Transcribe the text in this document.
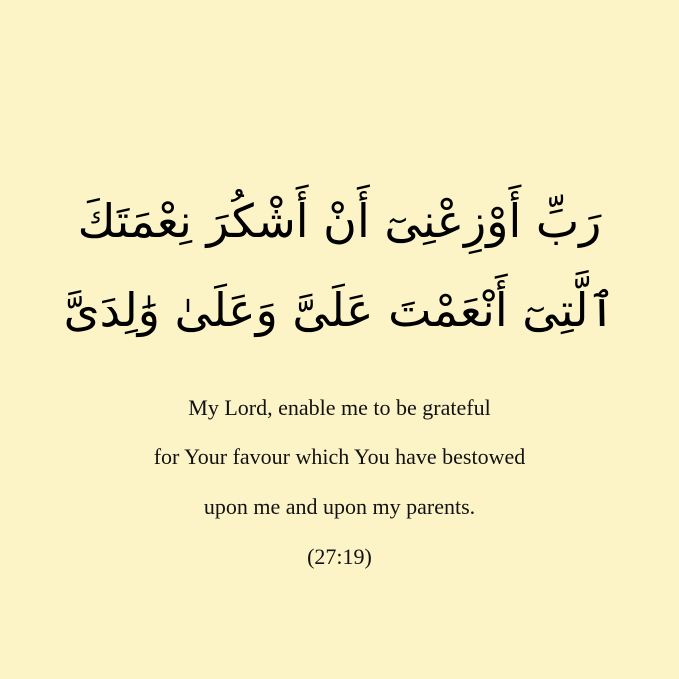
رَبِّ أَوْزِعْنِىٓ أَنْ أَشْكُرَ نِعْمَتَكَ
ٱلَّتِىٓ أَنْعَمْتَ عَلَىَّ وَعَلَىٰ وَٰلِدَىَّ
My Lord, enable me to be grateful
for Your favour which You have bestowed
upon me and upon my parents.
(27:19)
